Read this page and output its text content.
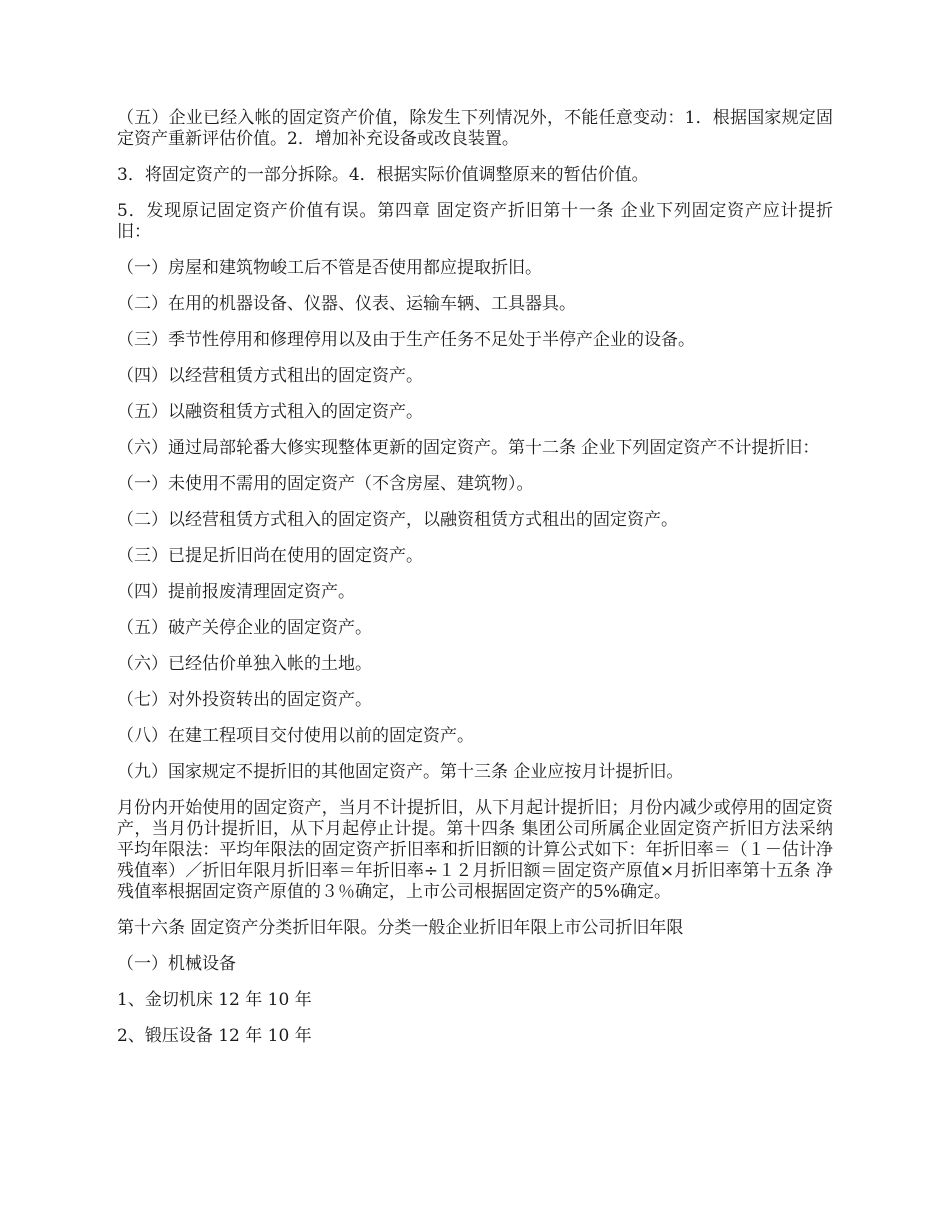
（五）企业已经入帐的固定资产价值，除发生下列情况外，不能任意变动：1．根据国家规定固定资产重新评估价值。2．增加补充设备或改良装置。

3．将固定资产的一部分拆除。4．根据实际价值调整原来的暂估价值。

5．发现原记固定资产价值有误。第四章 固定资产折旧第十一条 企业下列固定资产应计提折旧：

（一）房屋和建筑物峻工后不管是否使用都应提取折旧。

（二）在用的机器设备、仪器、仪表、运输车辆、工具器具。

（三）季节性停用和修理停用以及由于生产任务不足处于半停产企业的设备。

（四）以经营租赁方式租出的固定资产。

（五）以融资租赁方式租入的固定资产。

（六）通过局部轮番大修实现整体更新的固定资产。第十二条 企业下列固定资产不计提折旧：

（一）未使用不需用的固定资产（不含房屋、建筑物）。

（二）以经营租赁方式租入的固定资产，以融资租赁方式租出的固定资产。

（三）已提足折旧尚在使用的固定资产。

（四）提前报废清理固定资产。

（五）破产关停企业的固定资产。

（六）已经估价单独入帐的土地。

（七）对外投资转出的固定资产。

（八）在建工程项目交付使用以前的固定资产。

（九）国家规定不提折旧的其他固定资产。第十三条 企业应按月计提折旧。

月份内开始使用的固定资产，当月不计提折旧，从下月起计提折旧；月份内减少或停用的固定资产，当月仍计提折旧，从下月起停止计提。第十四条 集团公司所属企业固定资产折旧方法采纳平均年限法：平均年限法的固定资产折旧率和折旧额的计算公式如下：年折旧率＝（１－估计净残值率）／折旧年限月折旧率＝年折旧率÷１２月折旧额＝固定资产原值×月折旧率第十五条 净残值率根据固定资产原值的３％确定，上市公司根据固定资产的5%确定。

第十六条 固定资产分类折旧年限。分类一般企业折旧年限上市公司折旧年限

（一）机械设备

1、金切机床 12 年 10 年

2、锻压设备 12 年 10 年
